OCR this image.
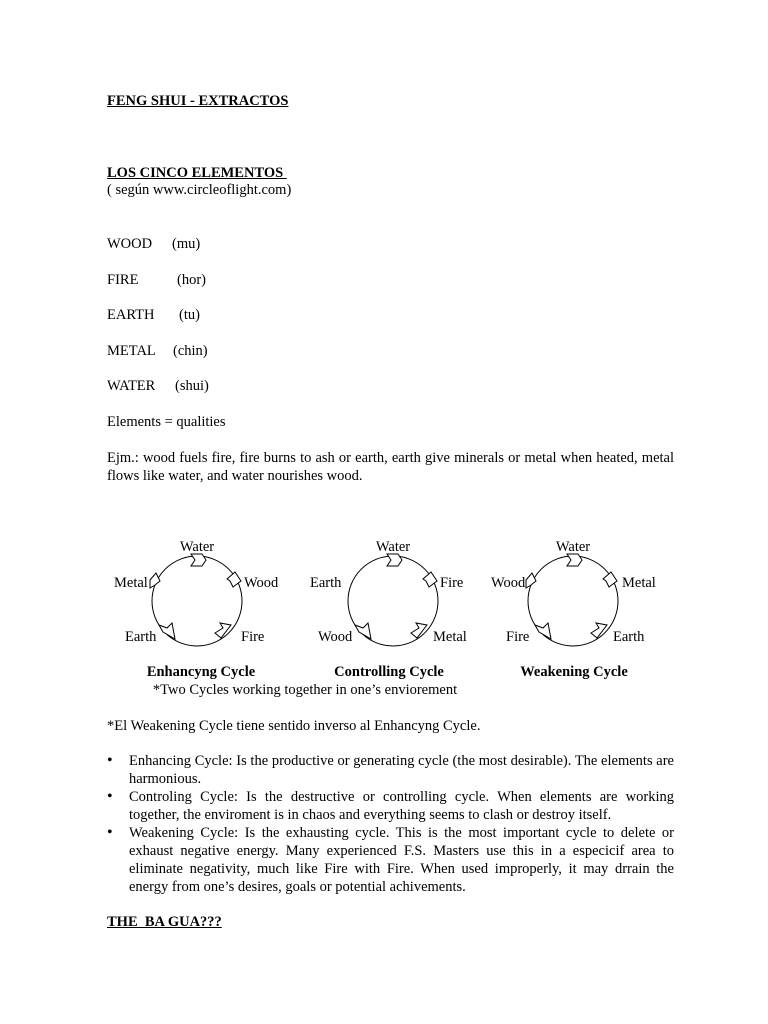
FENG SHUI - EXTRACTOS
LOS CINCO ELEMENTOS
( según www.circleoflight.com)
WOOD (mu)
FIRE	(hor)
EARTH (tu)
METAL (chin)
WATER (shui)
Elements = qualities
Ejm.: wood fuels fire, fire burns to ash or earth, earth give minerals or metal when heated, metal flows like water, and water nourishes wood.
Water
Metal	Wood
Earth	Fire
Water
Earth	Fire
Wood	Metal
Water
Wood	Metal
Fire	Earth
Enhancyng Cycle	Controlling Cycle	Weakening Cycle
*Two Cycles working together in one’s envioremen​t
*El Weakening Cycle tiene sentido inverso al Enhancyng Cycle.
• Enhancing Cycle: Is the productive or generating cycle (the most desirable). The elements are harmonious.
• Controling Cycle: Is the destructive or controlling cycle. When elements are working together, the enviroment is in chaos and everything seems to clash or destroy itself.
• Weakening Cycle: Is the exhausting cycle. This is the most important cycle to delete or exhaust negative energy. Many experienced F.S. Masters use this in a especicif area to eliminate negativity, much like Fire with Fire. When used improperly, it may drrain the energy from one’s desires, goals or potential achivements.
THE  BA GUA???
